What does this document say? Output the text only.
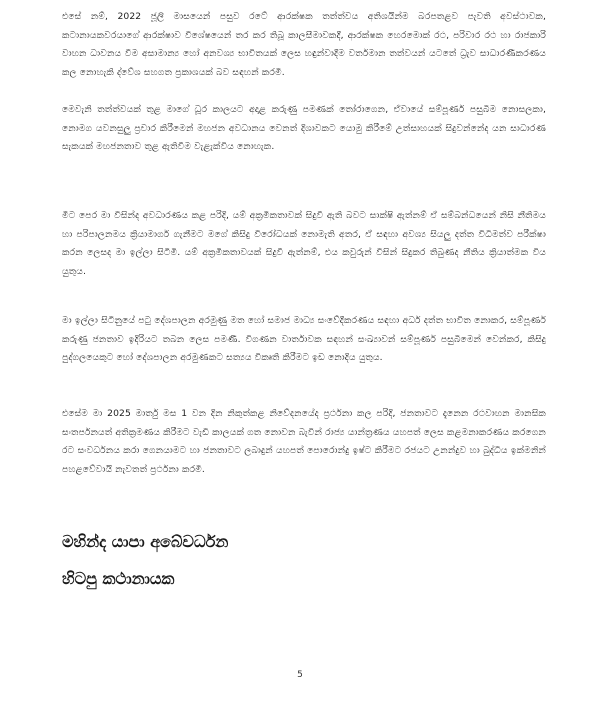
එසේ නම්, 2022 ජූලි මාසයෙන් පසුව රටේ ආරක්ෂක තත්ත්වය අතිශයින්ම බරපතළව පැවති අවස්ථාවක, කටානායකවරයාගේ ආරක්ෂාව විශේෂයෙන් තර කර තිබූ කාලසීමාවකදී, ආරක්ෂක හෙරමොක් රථ, පරිවාර රථ හා රාජකාරි වාහන ධාවනය වීම අසාමාන්‍ය හෝ අනවශ්‍ය භාවිතයක් ලෙස හඳුන්වාදීම වර්තමාන තත්වයන් යටතේ ධ්‍රැව සාධාරණීකරණය කල නොහැකි ද්වේශ සහගත ප්‍රකාශයක් බව සඳහන් කරමි.

මෙවැනි තත්ත්වයක් තුළ මාගේ ධූර කාලයට අදාළ කරුණු පමණක් තෝරාගෙන, ඒවායේ සම්පූර්ණ පසුබිම නොසලකා, නොමග යවනසුලු ප්‍රචාර කිරීමෙන් මහජන අවධානය වෙනත් දිශාවකට යොමු කිරීමේ උත්සාහයක් සිදුවන්නේද යන සාධාරණ සැකයක් මහජනතාව තුළ ඇතිවීම වැළැක්විය නොහැක.

මීට පෙර මා විසින්ද අවධාරණය කළ පරිදි, යම් අක්‍රමිකතාවක් සිදුවී ඇති බවට සාක්ෂි ඇත්නම් ඒ සම්බන්ධයෙන් නිසි නීතිමය හා පරිපාලනමය ක්‍රියාමාර්ග ගැනීමට මගේ කිසිදු විරෝධයක් නොමැති අතර, ඒ සඳහා අවශ්‍ය සියලු දත්ත විධිමත්ව පරීක්ෂා කරන ලෙසද මා ඉල්ලා සිටිමි. යම් අක්‍රමිකතාවයක් සිදුවී ඇත්නම්, එය කවුරුන් විසින් සිදුකර තිබුණද නීතිය ක්‍රියාත්මක විය යුතුය.

මා ඉල්ලා සිටිනුයේ පටු දේශපාලන අරමුණු මත හෝ සමාජ මාධ්‍ය සංවේදීකරණය සඳහා අර්ධ දත්ත භාවිත නොකර, සම්පූර්ණ කරුණු ජනතාව ඉදිරියට තබන ලෙස පමණි. විගණන වාර්තාවක සඳහන් සංඛ්‍යාවන් සම්පූර්ණ පසුබිමෙන් වෙන්කර, කිසිදු පුද්ගලයෙකුට හෝ දේශපාලන අරමුණකට සත්‍යය විකෘති කිරීමට ඉඩ නොදිය යුතුය.

එසේම මා 2025 මාර්තු මස 1 වන දින නිකුත්කළ නිවේදනයේද ප්‍රර්ථනා කල පරිදි, ජනතාවට දැනෙන රථවාහන මානසික සංතර්පනයත් අතික්‍රමණය කිරීමට වැඩි කාලයක් ගත නොවන බැවින් රාජ්‍ය යාන්ත්‍රණය යහපත් ලෙස කළමනාකරණය කරගෙන රට සංවර්ධනය කරා ගෙනයාමට හා ජනතාවට ලබාදුන් යහපත් පොරොන්දු ඉෂ්ට කිරීමට රජයට උනන්දුව හා බුද්ධිය ඉක්මනින් පහළවේවායි නැවතත් ප්‍රර්ථනා කරමි.

මහින්ද යාපා අබේවර්ධන

හිටපු කථානායක

5
